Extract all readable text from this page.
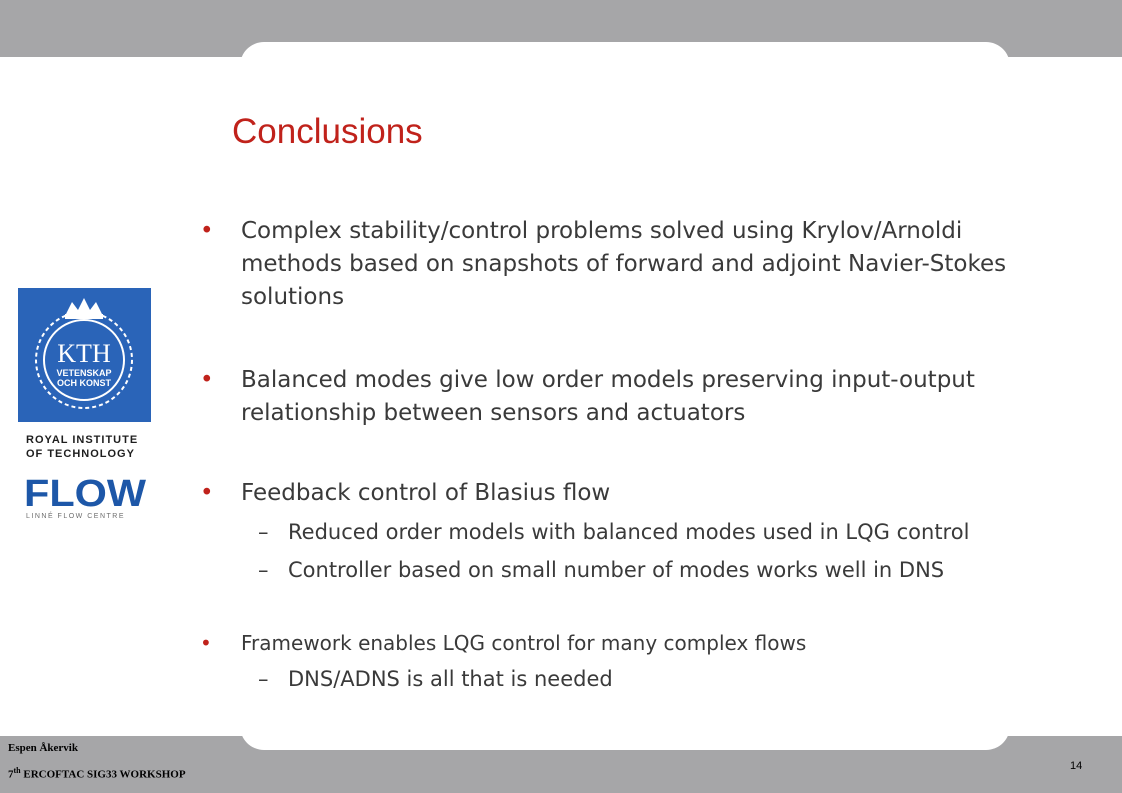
Conclusions
• Complex stability/control problems solved using Krylov/Arnoldi methods based on snapshots of forward and adjoint Navier-Stokes solutions
• Balanced modes give low order models preserving input-output relationship between sensors and actuators
• Feedback control of Blasius flow
– Reduced order models with balanced modes used in LQG control
– Controller based on small number of modes works well in DNS
• Framework enables LQG control for many complex flows
– DNS/ADNS is all that is needed
KTH
VETENSKAP
OCH KONST
ROYAL INSTITUTE
OF TECHNOLOGY
FLOW
LINNÉ FLOW CENTRE
Espen Åkervik
7th ERCOFTAC SIG33 WORKSHOP
14
